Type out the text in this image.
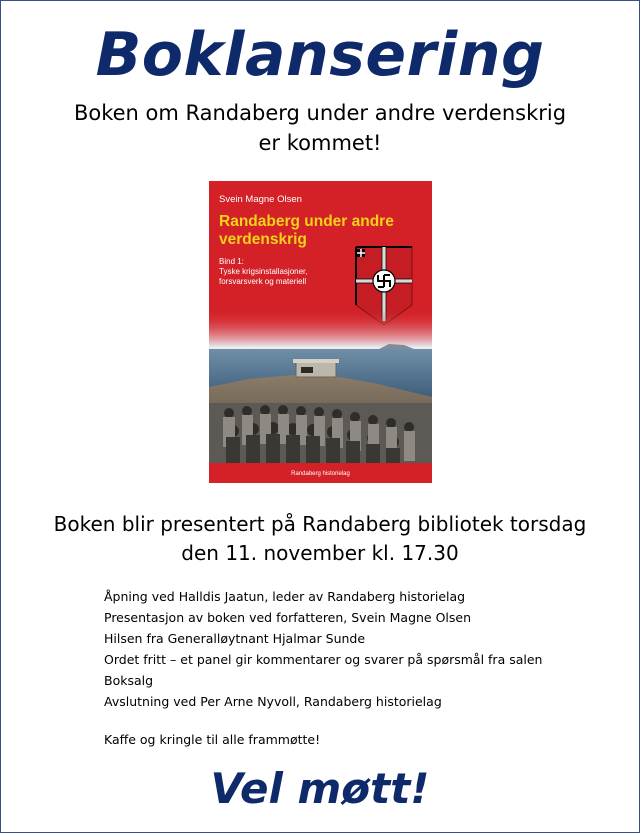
Boklansering
Boken om Randaberg under andre verdenskrig
er kommet!
Svein Magne Olsen
Randaberg under andre
verdenskrig
Bind 1:
Tyske krigsinstallasjoner,
forsvarsverk og materiell
Randaberg historielag
Boken blir presentert på Randaberg bibliotek torsdag
den 11. november kl. 17.30
Åpning ved Halldis Jaatun, leder av Randaberg historielag
Presentasjon av boken ved forfatteren, Svein Magne Olsen
Hilsen fra Generalløytnant Hjalmar Sunde
Ordet fritt – et panel gir kommentarer og svarer på spørsmål fra salen
Boksalg
Avslutning ved Per Arne Nyvoll, Randaberg historielag
Kaffe og kringle til alle frammøtte!
Vel møtt!
